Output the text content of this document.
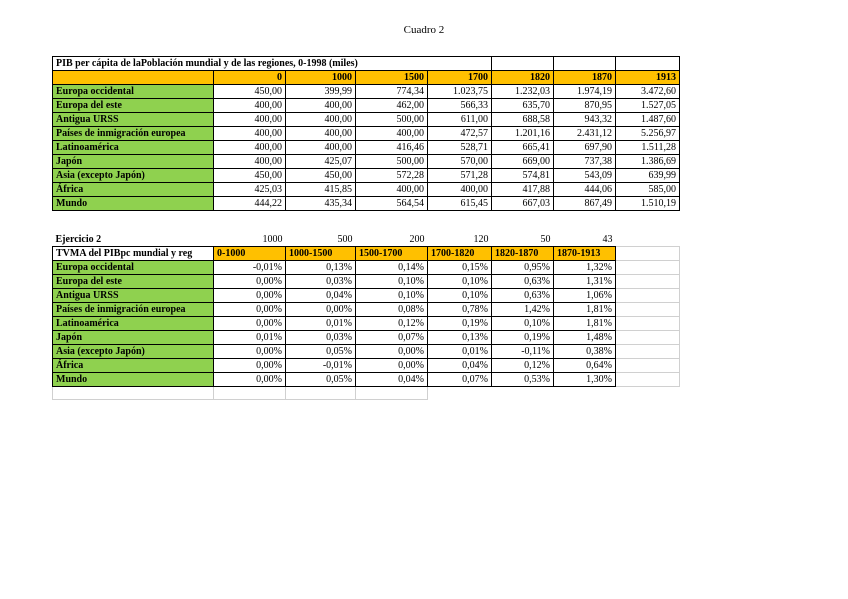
Cuadro 2
PIB per cápita de laPoblación mundial y de las regiones, 0-1998 (miles)							
	0	1000	1500	1700	1820	1870	1913
Europa occidental	450,00	399,99	774,34	1.023,75	1.232,03	1.974,19	3.472,60
Europa del este	400,00	400,00	462,00	566,33	635,70	870,95	1.527,05
Antigua URSS	400,00	400,00	500,00	611,00	688,58	943,32	1.487,60
Países de inmigración europea	400,00	400,00	400,00	472,57	1.201,16	2.431,12	5.256,97
Latinoamérica	400,00	400,00	416,46	528,71	665,41	697,90	1.511,28
Japón	400,00	425,07	500,00	570,00	669,00	737,38	1.386,69
Asia (excepto Japón)	450,00	450,00	572,28	571,28	574,81	543,09	639,99
África	425,03	415,85	400,00	400,00	417,88	444,06	585,00
Mundo	444,22	435,34	564,54	615,45	667,03	867,49	1.510,19
Ejercicio 2	1000	500	200	120	50	43	
TVMA del PIBpc mundial y reg	0-1000	1000-1500	1500-1700	1700-1820	1820-1870	1870-1913	
Europa occidental	-0,01%	0,13%	0,14%	0,15%	0,95%	1,32%	
Europa del este	0,00%	0,03%	0,10%	0,10%	0,63%	1,31%	
Antigua URSS	0,00%	0,04%	0,10%	0,10%	0,63%	1,06%	
Países de inmigración europea	0,00%	0,00%	0,08%	0,78%	1,42%	1,81%	
Latinoamérica	0,00%	0,01%	0,12%	0,19%	0,10%	1,81%	
Japón	0,01%	0,03%	0,07%	0,13%	0,19%	1,48%	
Asia (excepto Japón)	0,00%	0,05%	0,00%	0,01%	-0,11%	0,38%	
África	0,00%	-0,01%	0,00%	0,04%	0,12%	0,64%	
Mundo	0,00%	0,05%	0,04%	0,07%	0,53%	1,30%	
